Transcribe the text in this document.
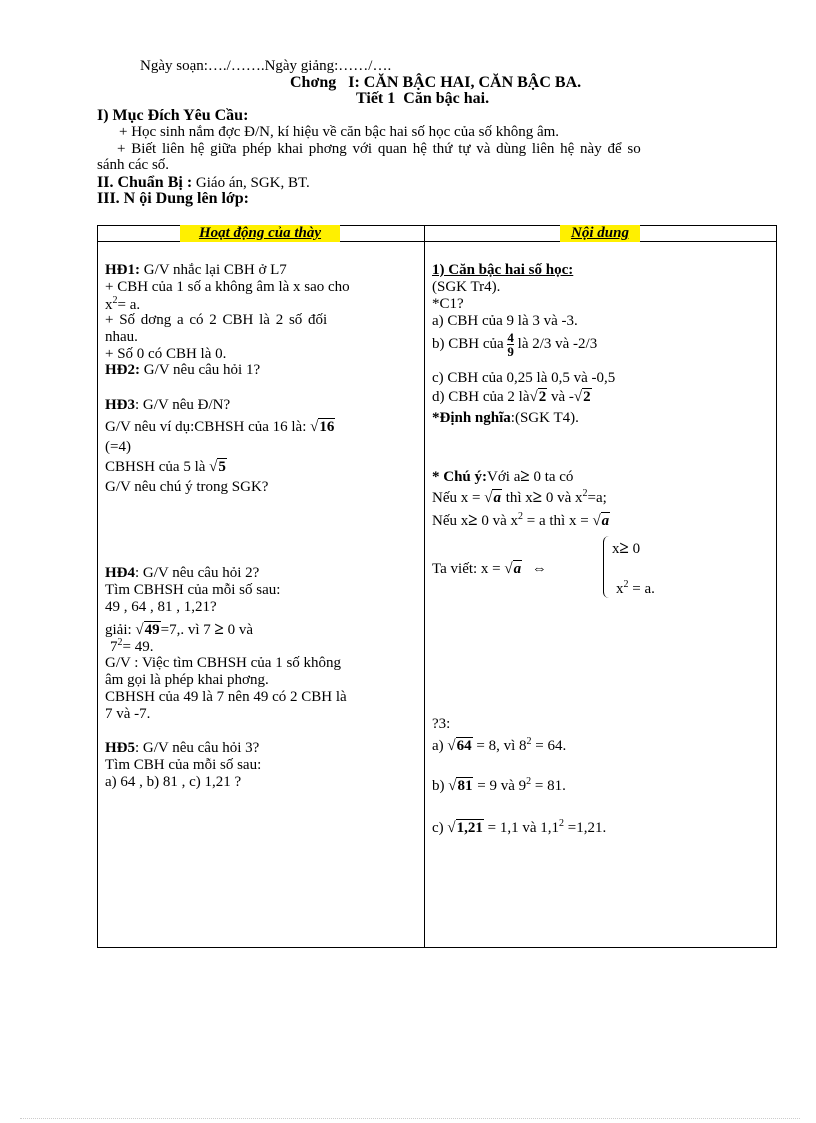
Ngày soạn:…./…….Ngày giảng:……/….
Chơng I: CĂN BẬC HAI, CĂN BẬC BA.
Tiết 1 Căn bậc hai.
I) Mục Đích Yêu Cầu:
+ Học sinh nắm đợc Đ/N, kí hiệu về căn bậc hai số học của số không âm.
+ Biết liên hệ giữa phép khai phơng với quan hệ thứ tự và dùng liên hệ này để so
sánh các số.
II. Chuẩn Bị : Giáo án, SGK, BT.
III. N ội Dung lên lớp:
Hoạt động của thày	Nội dung
HĐ1: G/V nhắc lại CBH ở L7
+ CBH của 1 số a không âm là x sao cho
$x^2= a$.
+ Số dơng a có 2 CBH là 2 số đối
nhau.
+ Số 0 có CBH là 0.
HĐ2: G/V nêu câu hỏi 1?
HĐ3: G/V nêu Đ/N?
G/V nêu ví dụ:CBHSH của 16 là: √16
(=4)
CBHSH của 5 là √5
G/V nêu chú ý trong SGK?
HĐ4: G/V nêu câu hỏi 2?
Tìm CBHSH của mỗi số sau:
49 , 64 , 81 , 1,21?
giải: √49=7,. vì 7 ≥ 0 và
$7^2= 49$.
G/V : Việc tìm CBHSH của 1 số không
âm gọi là phép khai phơng.
CBHSH của 49 là 7 nên 49 có 2 CBH là
7 và -7.
HĐ5: G/V nêu câu hỏi 3?
Tìm CBH của mỗi số sau:
a) 64 , b) 81 , c) 1,21 ?
1) Căn bậc hai số học:
(SGK Tr4).
*C1?
a) CBH của 9 là 3 và -3.
b) CBH của $\frac{4}{9}$ là 2/3 và -2/3
c) CBH của 0,25 là 0,5 và -0,5
d) CBH của 2 là√2 và -√2
*Định nghĩa:(SGK T4).
* Chú ý:Với a≥ 0 ta có
Nếu x = √a thì x≥ 0 và $x^2=a$;
Nếu x≥ 0 và $x^2 = a$ thì x = √a
Ta viết: x = √a ⇔
x≥ 0
$x^2 = a$.
?3:
a) √64 = 8, vì $8^2 = 64$.
b) √81 = 9 và $9^2 = 81$.
c) √1,21 = 1,1 và $1,1^2 =1,21$.
